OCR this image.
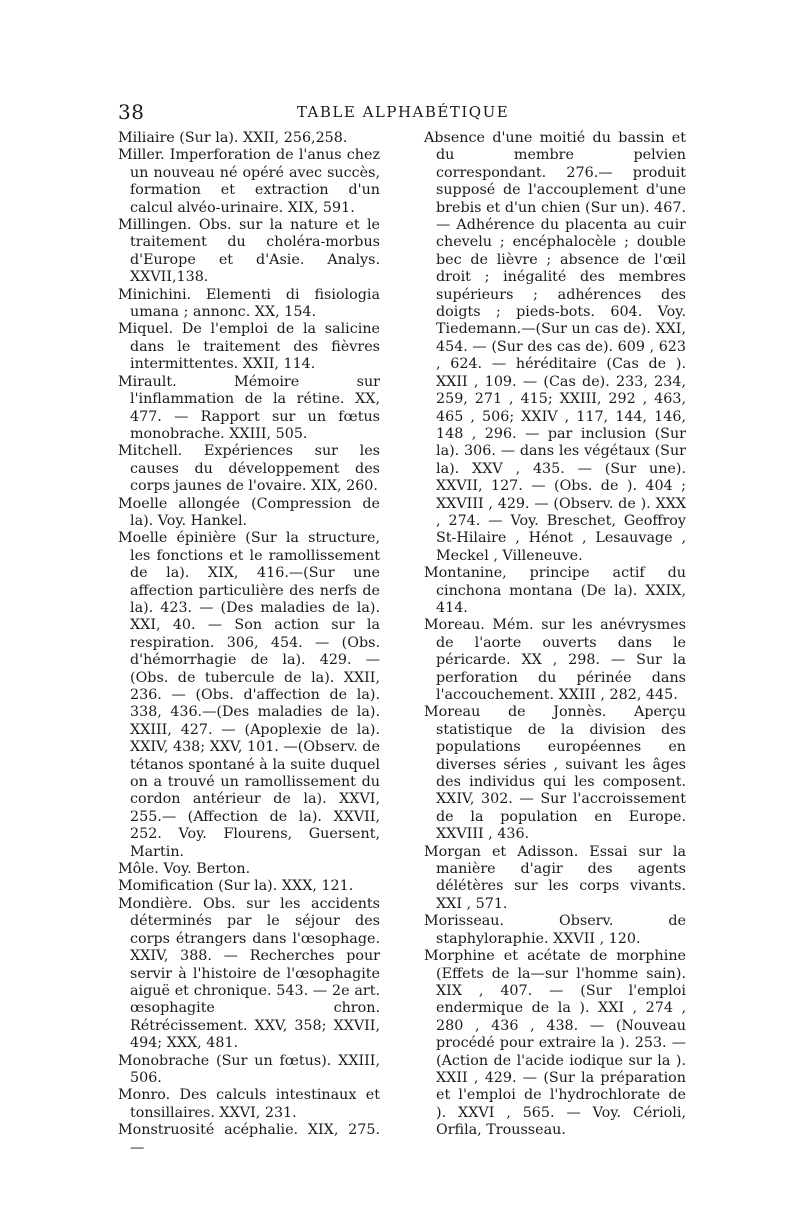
38	TABLE ALPHABÉTIQUE

Miliaire (Sur la). XXII, 256,258.

Miller. Imperforation de l'anus chez un nouveau né opéré avec succès, formation et extraction d'un calcul alvéo-urinaire. XIX, 591.

Millingen. Obs. sur la nature et le traitement du choléra-morbus d'Europe et d'Asie. Analys. XXVII,138.

Minichini. Elementi di fisiologia umana ; annonc. XX, 154.

Miquel. De l'emploi de la salicine dans le traitement des fièvres intermittentes. XXII, 114.

Mirault. Mémoire sur l'inflammation de la rétine. XX, 477. — Rapport sur un fœtus monobrache. XXIII, 505.

Mitchell. Expériences sur les causes du développement des corps jaunes de l'ovaire. XIX, 260.

Moelle allongée (Compression de la). Voy. Hankel.

Moelle épinière (Sur la structure, les fonctions et le ramollissement de la). XIX, 416.—(Sur une affection particulière des nerfs de la). 423. — (Des maladies de la). XXI, 40. — Son action sur la respiration. 306, 454. — (Obs. d'hémorrhagie de la). 429. — (Obs. de tubercule de la). XXII, 236. — (Obs. d'affection de la). 338, 436.—(Des maladies de la). XXIII, 427. — (Apoplexie de la). XXIV, 438; XXV, 101. —(Observ. de tétanos spontané à la suite duquel on a trouvé un ramollissement du cordon antérieur de la). XXVI, 255.— (Affection de la). XXVII, 252. Voy. Flourens, Guersent, Martin.

Môle. Voy. Berton.

Momification (Sur la). XXX, 121.

Mondière. Obs. sur les accidents déterminés par le séjour des corps étrangers dans l'œsophage. XXIV, 388. — Recherches pour servir à l'histoire de l'œsophagite aiguë et chronique. 543. — 2e art. œsophagite chron. Rétrécissement. XXV, 358; XXVII, 494; XXX, 481.

Monobrache (Sur un fœtus). XXIII, 506.

Monro. Des calculs intestinaux et tonsillaires. XXVI, 231.

Monstruosité acéphalie. XIX, 275. —

Absence d'une moitié du bassin et du membre pelvien correspondant. 276.— produit supposé de l'accouplement d'une brebis et d'un chien (Sur un). 467. — Adhérence du placenta au cuir chevelu ; encéphalocèle ; double bec de lièvre ; absence de l'œil droit ; inégalité des membres supérieurs ; adhérences des doigts ; pieds-bots. 604. Voy. Tiedemann.—(Sur un cas de). XXI, 454. — (Sur des cas de). 609 , 623 , 624. — héréditaire (Cas de ). XXII , 109. — (Cas de). 233, 234, 259, 271 , 415; XXIII, 292 , 463, 465 , 506; XXIV , 117, 144, 146, 148 , 296. — par inclusion (Sur la). 306. — dans les végétaux (Sur la). XXV , 435. — (Sur une). XXVII, 127. — (Obs. de ). 404 ; XXVIII , 429. — (Observ. de ). XXX , 274. — Voy. Breschet, Geoffroy St-Hilaire , Hénot , Lesauvage , Meckel , Villeneuve.

Montanine, principe actif du cinchona montana (De la). XXIX, 414.

Moreau. Mém. sur les anévrysmes de l'aorte ouverts dans le péricarde. XX , 298. — Sur la perforation du périnée dans l'accouchement. XXIII , 282, 445.

Moreau de Jonnès. Aperçu statistique de la division des populations européennes en diverses séries , suivant les âges des individus qui les composent. XXIV, 302. — Sur l'accroissement de la population en Europe. XXVIII , 436.

Morgan et Adisson. Essai sur la manière d'agir des agents délétères sur les corps vivants. XXI , 571.

Morisseau. Observ. de staphyloraphie. XXVII , 120.

Morphine et acétate de morphine (Effets de la—sur l'homme sain). XIX , 407. — (Sur l'emploi endermique de la ). XXI , 274 , 280 , 436 , 438. — (Nouveau procédé pour extraire la ). 253. — (Action de l'acide iodique sur la ). XXII , 429. — (Sur la préparation et l'emploi de l'hydrochlorate de ). XXVI , 565. — Voy. Cérioli, Orfila, Trousseau.
